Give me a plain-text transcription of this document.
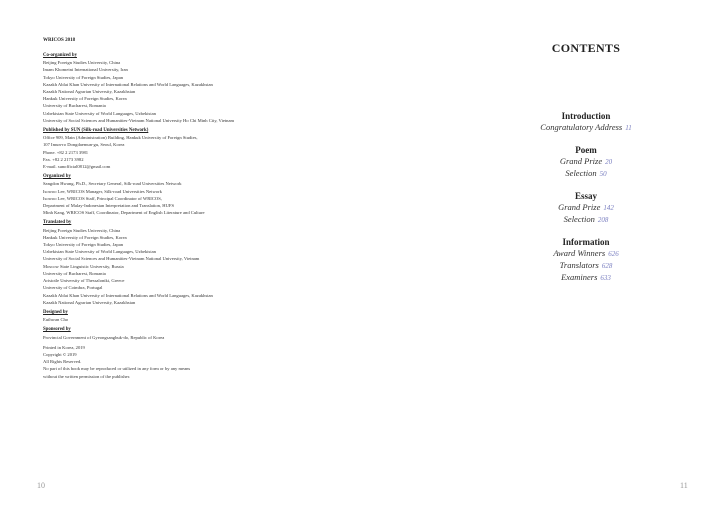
WRICOS 2018
Co-organized by
Beijing Foreign Studies University, China
Imam Khomeini International University, Iran
Tokyo University of Foreign Studies, Japan
Kazakh Ablai Khan University of International Relations and World Languages, Kazakhstan
Kazakh National Agrarian University, Kazakhstan
Hankuk University of Foreign Studies, Korea
University of Bucharest, Romania
Uzbekistan State University of World Languages, Uzbekistan
University of Social Sciences and Humanities-Vietnam National University Ho Chi Minh City, Vietnam
Published by SUN (Silk-road Universities Network)
Office 909, Main (Administration) Building, Hankuk University of Foreign Studies,
107 Imun-ro Dongdaemun-gu, Seoul, Korea
Phone. +82 2 2173 3981
Fax. +82 2 2173 3982
E-mail. sunofficial0812@gmail.com
Organized by
Sangdon Hwang, Ph.D., Secretary General, Silk-road Universities Network
Isowoo Lee, WRICOS Manager, Silk-road Universities Network
Isowoo Lee, WRICOS Staff, Principal Coordinator of WRICOS,
Department of Malay-Indonesian Interpretation and Translation, HUFS
Minh Kang, WRICOS Staff, Coordinator, Department of English Literature and Culture
Translated by
Beijing Foreign Studies University, China
Hankuk University of Foreign Studies, Korea
Tokyo University of Foreign Studies, Japan
Uzbekistan State University of World Languages, Uzbekistan
University of Social Sciences and Humanities-Vietnam National University, Vietnam
Moscow State Linguistic University, Russia
University of Bucharest, Romania
Aristotle University of Thessaloniki, Greece
University of Coimbra, Portugal
Kazakh Ablai Khan University of International Relations and World Languages, Kazakhstan
Kazakh National Agrarian University, Kazakhstan
Designed by
Euihwan Cho
Sponsored by
Provincial Government of Gyeongsangbuk-do, Republic of Korea
Printed in Korea, 2019
Copyright © 2019
All Rights Reserved.
No part of this book may be reproduced or utilized in any form or by any means
without the written permission of the publisher.
10
CONTENTS
Introduction
Congratulatory Address 11
Poem
Grand Prize 20
Selection 50
Essay
Grand Prize 142
Selection 208
Information
Award Winners 626
Translators 628
Examiners 633
11
